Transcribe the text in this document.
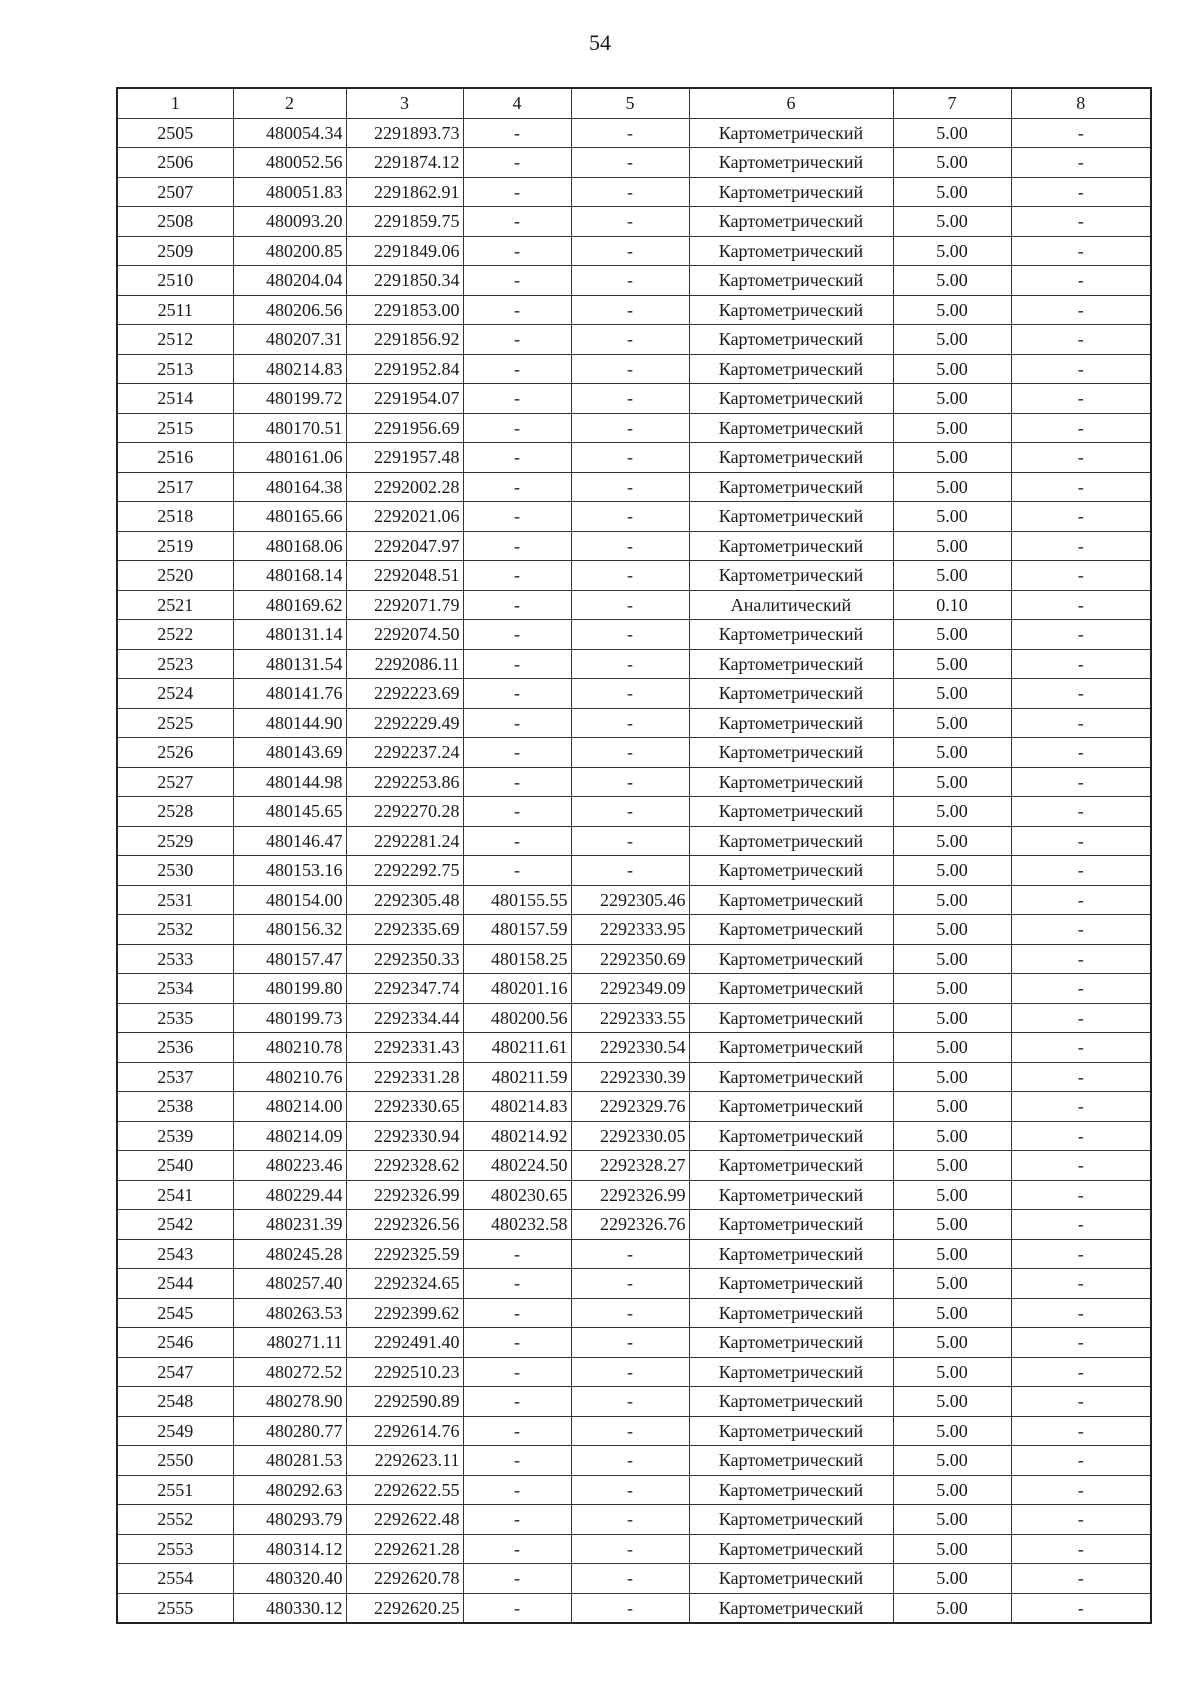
54
1	2	3	4	5	6	7	8
2505	480054.34	2291893.73	-	-	Картометрический	5.00	-
2506	480052.56	2291874.12	-	-	Картометрический	5.00	-
2507	480051.83	2291862.91	-	-	Картометрический	5.00	-
2508	480093.20	2291859.75	-	-	Картометрический	5.00	-
2509	480200.85	2291849.06	-	-	Картометрический	5.00	-
2510	480204.04	2291850.34	-	-	Картометрический	5.00	-
2511	480206.56	2291853.00	-	-	Картометрический	5.00	-
2512	480207.31	2291856.92	-	-	Картометрический	5.00	-
2513	480214.83	2291952.84	-	-	Картометрический	5.00	-
2514	480199.72	2291954.07	-	-	Картометрический	5.00	-
2515	480170.51	2291956.69	-	-	Картометрический	5.00	-
2516	480161.06	2291957.48	-	-	Картометрический	5.00	-
2517	480164.38	2292002.28	-	-	Картометрический	5.00	-
2518	480165.66	2292021.06	-	-	Картометрический	5.00	-
2519	480168.06	2292047.97	-	-	Картометрический	5.00	-
2520	480168.14	2292048.51	-	-	Картометрический	5.00	-
2521	480169.62	2292071.79	-	-	Аналитический	0.10	-
2522	480131.14	2292074.50	-	-	Картометрический	5.00	-
2523	480131.54	2292086.11	-	-	Картометрический	5.00	-
2524	480141.76	2292223.69	-	-	Картометрический	5.00	-
2525	480144.90	2292229.49	-	-	Картометрический	5.00	-
2526	480143.69	2292237.24	-	-	Картометрический	5.00	-
2527	480144.98	2292253.86	-	-	Картометрический	5.00	-
2528	480145.65	2292270.28	-	-	Картометрический	5.00	-
2529	480146.47	2292281.24	-	-	Картометрический	5.00	-
2530	480153.16	2292292.75	-	-	Картометрический	5.00	-
2531	480154.00	2292305.48	480155.55	2292305.46	Картометрический	5.00	-
2532	480156.32	2292335.69	480157.59	2292333.95	Картометрический	5.00	-
2533	480157.47	2292350.33	480158.25	2292350.69	Картометрический	5.00	-
2534	480199.80	2292347.74	480201.16	2292349.09	Картометрический	5.00	-
2535	480199.73	2292334.44	480200.56	2292333.55	Картометрический	5.00	-
2536	480210.78	2292331.43	480211.61	2292330.54	Картометрический	5.00	-
2537	480210.76	2292331.28	480211.59	2292330.39	Картометрический	5.00	-
2538	480214.00	2292330.65	480214.83	2292329.76	Картометрический	5.00	-
2539	480214.09	2292330.94	480214.92	2292330.05	Картометрический	5.00	-
2540	480223.46	2292328.62	480224.50	2292328.27	Картометрический	5.00	-
2541	480229.44	2292326.99	480230.65	2292326.99	Картометрический	5.00	-
2542	480231.39	2292326.56	480232.58	2292326.76	Картометрический	5.00	-
2543	480245.28	2292325.59	-	-	Картометрический	5.00	-
2544	480257.40	2292324.65	-	-	Картометрический	5.00	-
2545	480263.53	2292399.62	-	-	Картометрический	5.00	-
2546	480271.11	2292491.40	-	-	Картометрический	5.00	-
2547	480272.52	2292510.23	-	-	Картометрический	5.00	-
2548	480278.90	2292590.89	-	-	Картометрический	5.00	-
2549	480280.77	2292614.76	-	-	Картометрический	5.00	-
2550	480281.53	2292623.11	-	-	Картометрический	5.00	-
2551	480292.63	2292622.55	-	-	Картометрический	5.00	-
2552	480293.79	2292622.48	-	-	Картометрический	5.00	-
2553	480314.12	2292621.28	-	-	Картометрический	5.00	-
2554	480320.40	2292620.78	-	-	Картометрический	5.00	-
2555	480330.12	2292620.25	-	-	Картометрический	5.00	-
